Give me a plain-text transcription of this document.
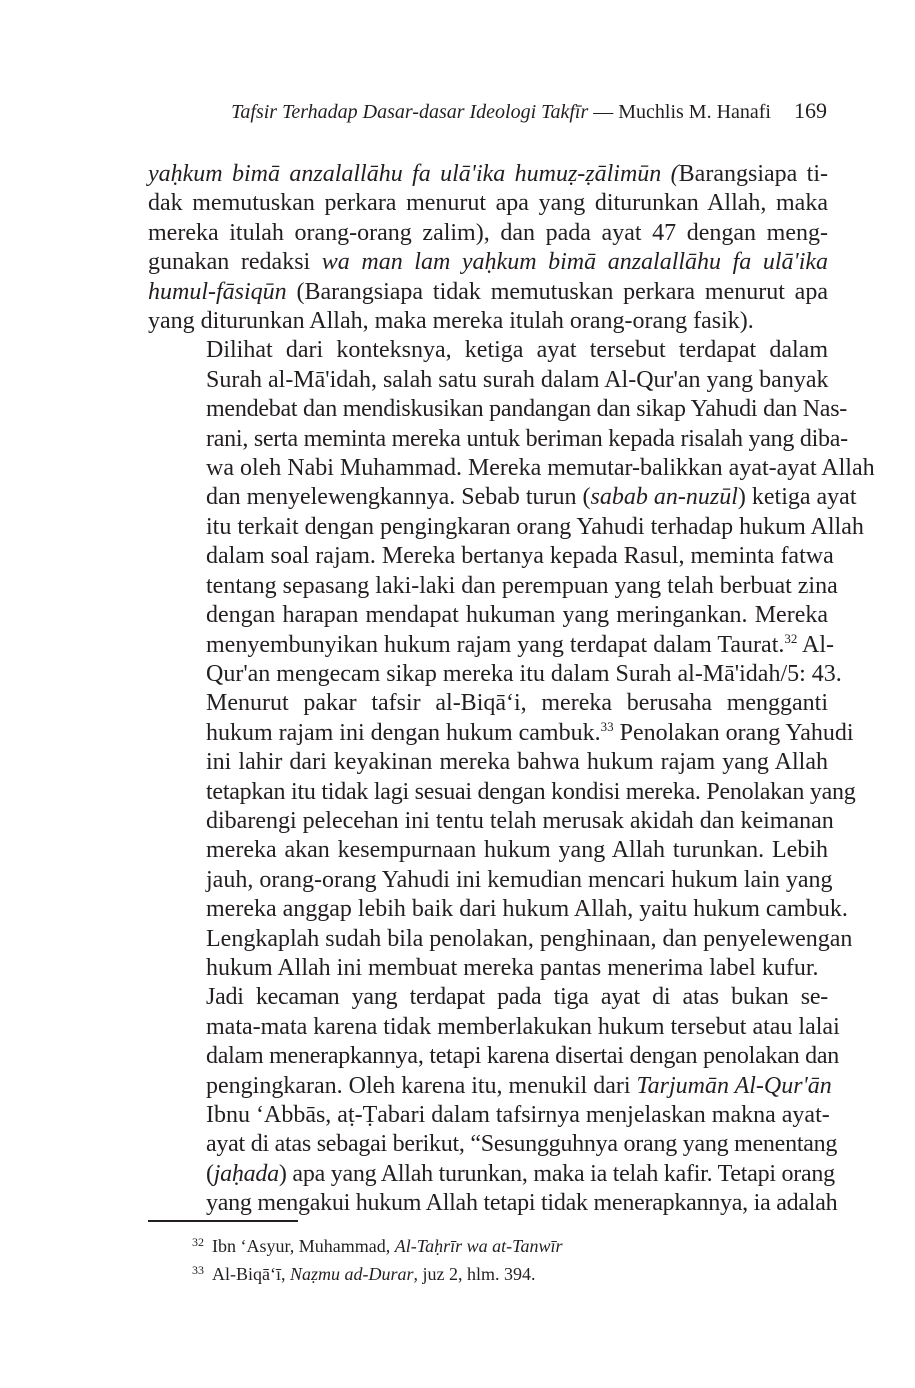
Tafsir Terhadap Dasar-dasar Ideologi Takfīr — Muchlis M. Hanafi 169

yaḥkum bimā anzalallāhu fa ulā'ika humuẓ-ẓālimūn (Barangsiapa ti-
dak memutuskan perkara menurut apa yang diturunkan Allah, maka
mereka itulah orang-orang zalim), dan pada ayat 47 dengan meng-
gunakan redaksi wa man lam yaḥkum bimā anzalallāhu fa ulā'ika
humul-fāsiqūn (Barangsiapa tidak memutuskan perkara menurut apa
yang diturunkan Allah, maka mereka itulah orang-orang fasik).

Dilihat dari konteksnya, ketiga ayat tersebut terdapat dalam
Surah al-Mā'idah, salah satu surah dalam Al-Qur'an yang banyak
mendebat dan mendiskusikan pandangan dan sikap Yahudi dan Nas-
rani, serta meminta mereka untuk beriman kepada risalah yang diba-
wa oleh Nabi Muhammad. Mereka memutar-balikkan ayat-ayat Allah
dan menyelewengkannya. Sebab turun (sabab an-nuzūl) ketiga ayat
itu terkait dengan pengingkaran orang Yahudi terhadap hukum Allah
dalam soal rajam. Mereka bertanya kepada Rasul, meminta fatwa
tentang sepasang laki-laki dan perempuan yang telah berbuat zina
dengan harapan mendapat hukuman yang meringankan. Mereka
menyembunyikan hukum rajam yang terdapat dalam Taurat.$^{32}$ Al-
Qur'an mengecam sikap mereka itu dalam Surah al-Mā'idah/5: 43.

Menurut pakar tafsir al-Biqā‘i, mereka berusaha mengganti
hukum rajam ini dengan hukum cambuk.$^{33}$ Penolakan orang Yahudi
ini lahir dari keyakinan mereka bahwa hukum rajam yang Allah
tetapkan itu tidak lagi sesuai dengan kondisi mereka. Penolakan yang
dibarengi pelecehan ini tentu telah merusak akidah dan keimanan
mereka akan kesempurnaan hukum yang Allah turunkan. Lebih
jauh, orang-orang Yahudi ini kemudian mencari hukum lain yang
mereka anggap lebih baik dari hukum Allah, yaitu hukum cambuk.
Lengkaplah sudah bila penolakan, penghinaan, dan penyelewengan
hukum Allah ini membuat mereka pantas menerima label kufur.

Jadi kecaman yang terdapat pada tiga ayat di atas bukan se-
mata-mata karena tidak memberlakukan hukum tersebut atau lalai
dalam menerapkannya, tetapi karena disertai dengan penolakan dan
pengingkaran. Oleh karena itu, menukil dari Tarjumān Al-Qur'ān
Ibnu ‘Abbās, aṭ-Ṭabari dalam tafsirnya menjelaskan makna ayat-
ayat di atas sebagai berikut, “Sesungguhnya orang yang menentang
(jaḥada) apa yang Allah turunkan, maka ia telah kafir. Tetapi orang
yang mengakui hukum Allah tetapi tidak menerapkannya, ia adalah

$^{32}$ Ibn ‘Asyur, Muhammad, Al-Taḥrīr wa at-Tanwīr
$^{33}$ Al-Biqā‘ī, Naẓmu ad-Durar, juz 2, hlm. 394.
